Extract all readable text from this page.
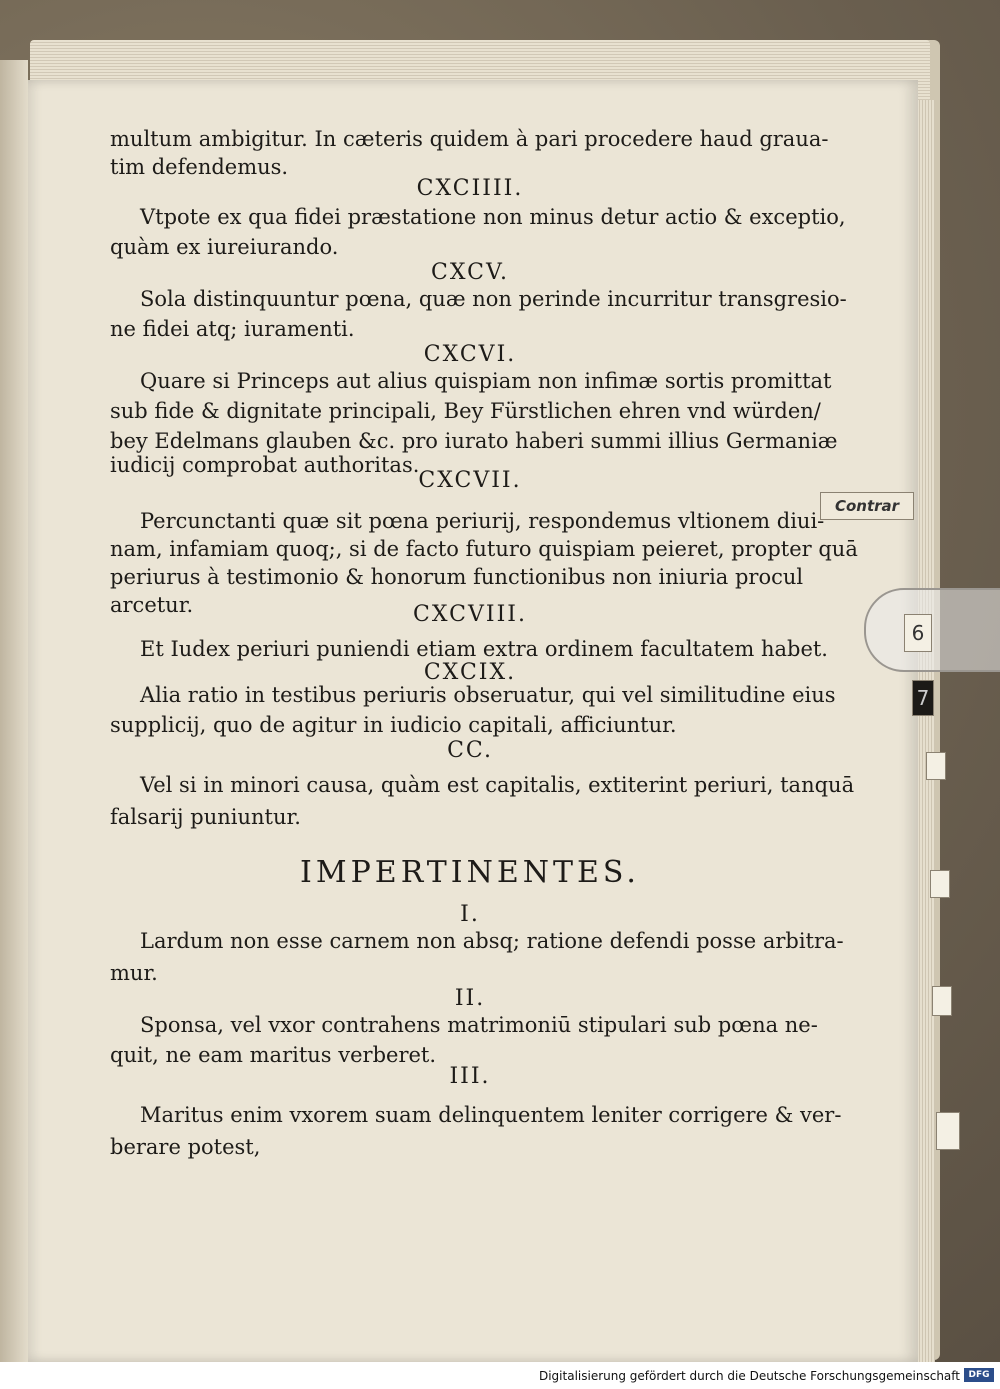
Contrar
6
7
multum ambigitur. In cæteris quidem à pari procedere haud graua-
tim defendemus.
CXCIIII.
Vtpote ex qua fidei præstatione non minus detur actio & exceptio,
quàm ex iureiurando.
CXCV.
Sola distinquuntur pœna, quæ non perinde incurritur transgresio-
ne fidei atq; iuramenti.
CXCVI.
Quare si Princeps aut alius quispiam non infimæ sortis promittat
sub fide & dignitate principali, Bey Fürstlichen ehren vnd würden/
bey Edelmans glauben &c. pro iurato haberi summi illius Germaniæ
iudicij comprobat authoritas.
CXCVII.
Percunctanti quæ sit pœna periurij, respondemus vltionem diui-
nam, infamiam quoq;, si de facto futuro quispiam peieret, propter quā
periurus à testimonio & honorum functionibus non iniuria procul
arcetur.	CXCVIII.
Et Iudex periuri puniendi etiam extra ordinem facultatem habet.
CXCIX.
Alia ratio in testibus periuris obseruatur, qui vel similitudine eius
supplicij, quo de agitur in iudicio capitali, afficiuntur.
CC.
Vel si in minori causa, quàm est capitalis, extiterint periuri, tanquā
falsarij puniuntur.
IMPERTINENTES.
I.
Lardum non esse carnem non absq; ratione defendi posse arbitra-
mur.
II.
Sponsa, vel vxor contrahens matrimoniū stipulari sub pœna ne-
quit, ne eam maritus verberet.
III.
Maritus enim vxorem suam delinquentem leniter corrigere & ver-
berare potest,
Digitalisierung gefördert durch die Deutsche Forschungsgemeinschaft DFG
